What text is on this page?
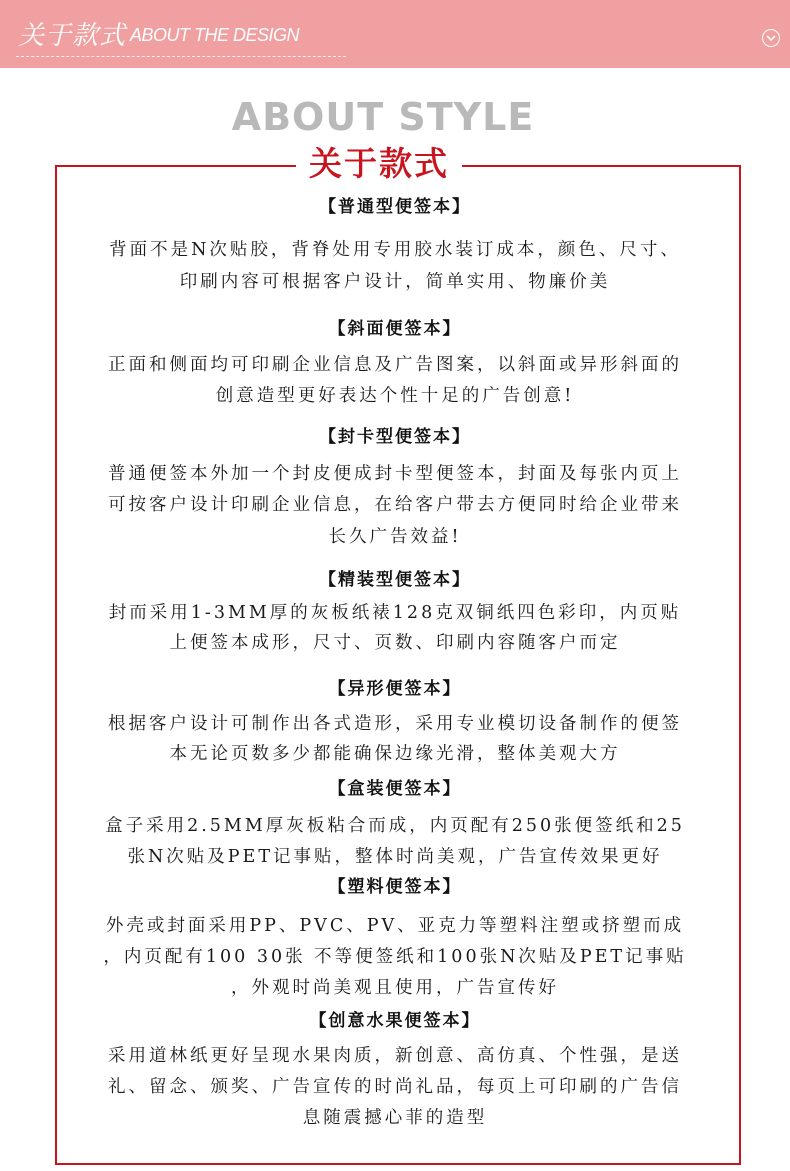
关于款式 ABOUT THE DESIGN
ABOUT STYLE
关于款式
【普通型便签本】
背面不是N次贴胶，背脊处用专用胶水装订成本，颜色、尺寸、
印刷内容可根据客户设计，简单实用、物廉价美
【斜面便签本】
正面和侧面均可印刷企业信息及广告图案，以斜面或异形斜面的
创意造型更好表达个性十足的广告创意!
【封卡型便签本】
普通便签本外加一个封皮便成封卡型便签本，封面及每张内页上
可按客户设计印刷企业信息，在给客户带去方便同时给企业带来
长久广告效益!
【精装型便签本】
封而采用1-3MM厚的灰板纸裱128克双铜纸四色彩印，内页贴
上便签本成形，尺寸、页数、印刷内容随客户而定
【异形便签本】
根据客户设计可制作出各式造形，采用专业模切设备制作的便签
本无论页数多少都能确保边缘光滑，整体美观大方
【盒装便签本】
盒子采用2.5MM厚灰板粘合而成，内页配有250张便签纸和25
张N次贴及PET记事贴，整体时尚美观，广告宣传效果更好
【塑料便签本】
外壳或封面采用PP、PVC、PV、亚克力等塑料注塑或挤塑而成
，内页配有100 30张 不等便签纸和100张N次贴及PET记事贴
，外观时尚美观且使用，广告宣传好
【创意水果便签本】
采用道林纸更好呈现水果肉质，新创意、高仿真、个性强，是送
礼、留念、颁奖、广告宣传的时尚礼品，每页上可印刷的广告信
息随震撼心菲的造型
